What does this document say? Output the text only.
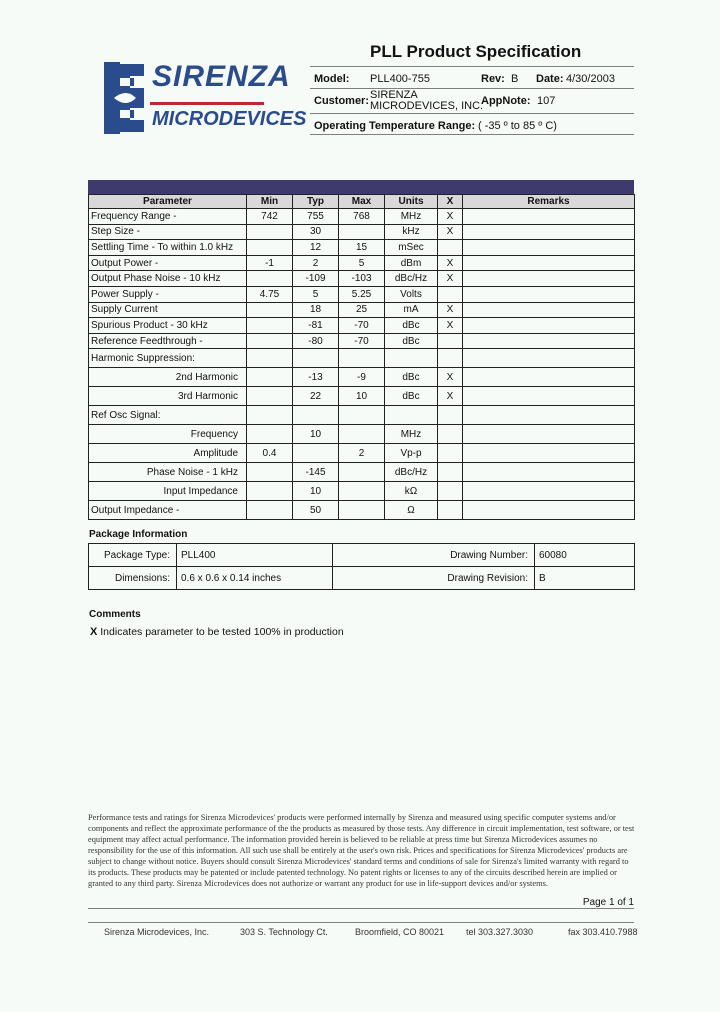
PLL Product Specification
SIRENZA
MICRODEVICES
Model: PLL400-755	Rev: B Date: 4/30/2003
Customer: SIRENZA
MICRODEVICES, INC.
AppNote: 107
Operating Temperature Range: ( -35 º to 85 º C)
Parameter	Min	Typ	Max	Units	X	Remarks
Frequency Range -	742	755	768	MHz	X	
Step Size -		30		kHz	X	
Settling Time - To within 1.0 kHz		12	15	mSec		
Output Power -	-1	2	5	dBm	X	
Output Phase Noise - 10 kHz		-109	-103	dBc/Hz	X	
Power Supply -	4.75	5	5.25	Volts		
Supply Current		18	25	mA	X	
Spurious Product - 30 kHz		-81	-70	dBc	X	
Reference Feedthrough -		-80	-70	dBc		
Harmonic Suppression:						
2nd Harmonic		-13	-9	dBc	X	
3rd Harmonic		22	10	dBc	X	
Ref Osc Signal:						
Frequency		10		MHz		
Amplitude	0.4		2	Vp-p		
Phase Noise - 1 kHz		-145		dBc/Hz		
Input Impedance		10		kΩ		
Output Impedance -		50		Ω		
Package Information
Package Type:	PLL400	Drawing Number:	60080
Dimensions:	0.6 x 0.6 x 0.14 inches	Drawing Revision:	B
Comments
X Indicates parameter to be tested 100% in production
Performance tests and ratings for Sirenza Microdevices' products were performed internally by Sirenza and measured using specific computer systems and/or components and reflect the approximate performance of the the products as measured by those tests. Any difference in circuit implementation, test software, or test equipment may affect actual performance. The information provided herein is believed to be reliable at press time but Sirenza Microdevices assumes no responsibility for the use of this information. All such use shall be entirely at the user's own risk. Prices and specifications for Sirenza Microdevices' products are subject to change without notice. Buyers should consult Sirenza Microdevices' standard terms and conditions of sale for Sirenza's limited warranty with regard to its products. These products may be patented or include patented technology. No patent rights or licenses to any of the circuits described herein are implied or granted to any third party. Sirenza Microdevices does not authorize or warrant any product for use in life-support devices and/or systems.
Page 1 of 1
Sirenza Microdevices, Inc.	303 S. Technology Ct.	Broomfield, CO 80021 tel 303.327.3030	fax 303.410.7988
